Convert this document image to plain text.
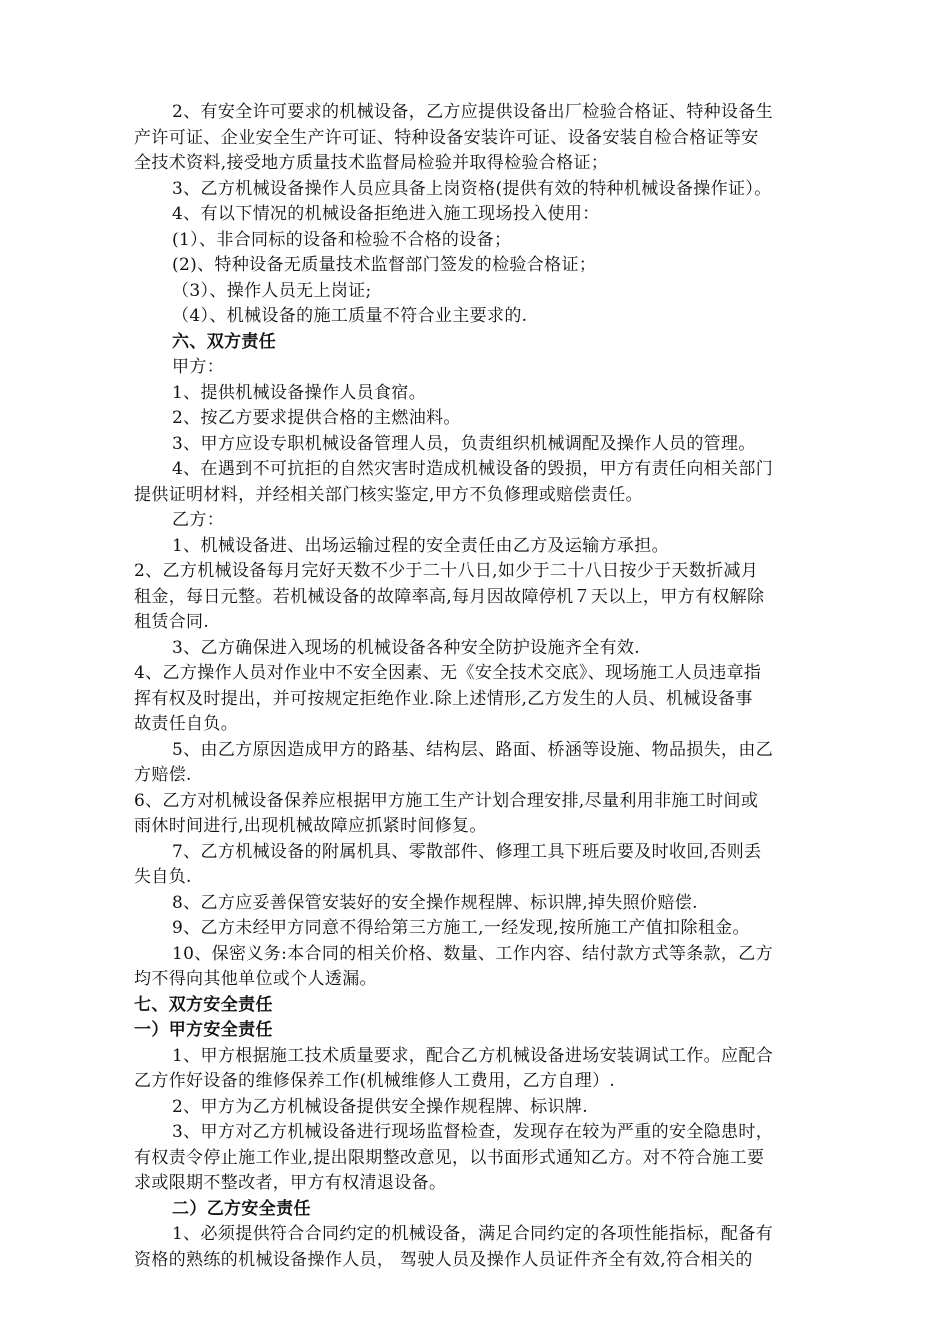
2、有安全许可要求的机械设备，乙方应提供设备出厂检验合格证、特种设备生
产许可证、企业安全生产许可证、特种设备安装许可证、设备安装自检合格证等安
全技术资料,接受地方质量技术监督局检验并取得检验合格证；
3、乙方机械设备操作人员应具备上岗资格(提供有效的特种机械设备操作证）。
4、有以下情况的机械设备拒绝进入施工现场投入使用：
(1）、非合同标的设备和检验不合格的设备；
(2)、特种设备无质量技术监督部门签发的检验合格证；
（3）、操作人员无上岗证;
（4）、机械设备的施工质量不符合业主要求的.
六、双方责任
甲方：
1、提供机械设备操作人员食宿。
2、按乙方要求提供合格的主燃油料。
3、甲方应设专职机械设备管理人员，负责组织机械调配及操作人员的管理。
4、在遇到不可抗拒的自然灾害时造成机械设备的毁损，甲方有责任向相关部门
提供证明材料，并经相关部门核实鉴定,甲方不负修理或赔偿责任。
乙方：
1、机械设备进、出场运输过程的安全责任由乙方及运输方承担。
2、乙方机械设备每月完好天数不少于二十八日,如少于二十八日按少于天数折减月
租金，每日元整。若机械设备的故障率高,每月因故障停机７天以上，甲方有权解除
租赁合同.
3、乙方确保进入现场的机械设备各种安全防护设施齐全有效.
4、乙方操作人员对作业中不安全因素、无《安全技术交底》、现场施工人员违章指
挥有权及时提出，并可按规定拒绝作业.除上述情形,乙方发生的人员、机械设备事
故责任自负。
5、由乙方原因造成甲方的路基、结构层、路面、桥涵等设施、物品损失，由乙
方赔偿.
6、乙方对机械设备保养应根据甲方施工生产计划合理安排,尽量利用非施工时间或
雨休时间进行,出现机械故障应抓紧时间修复。
7、乙方机械设备的附属机具、零散部件、修理工具下班后要及时收回,否则丢
失自负.
8、乙方应妥善保管安装好的安全操作规程牌、标识牌,掉失照价赔偿.
9、乙方未经甲方同意不得给第三方施工,一经发现,按所施工产值扣除租金。
10、保密义务:本合同的相关价格、数量、工作内容、结付款方式等条款，乙方
均不得向其他单位或个人透漏。
七、双方安全责任
一）甲方安全责任
1、甲方根据施工技术质量要求，配合乙方机械设备进场安装调试工作。应配合
乙方作好设备的维修保养工作(机械维修人工费用，乙方自理）.
2、甲方为乙方机械设备提供安全操作规程牌、标识牌.
3、甲方对乙方机械设备进行现场监督检查，发现存在较为严重的安全隐患时，
有权责令停止施工作业,提出限期整改意见，以书面形式通知乙方。对不符合施工要
求或限期不整改者，甲方有权清退设备。
二）乙方安全责任
1、必须提供符合合同约定的机械设备，满足合同约定的各项性能指标，配备有
资格的熟练的机械设备操作人员， 驾驶人员及操作人员证件齐全有效,符合相关的
